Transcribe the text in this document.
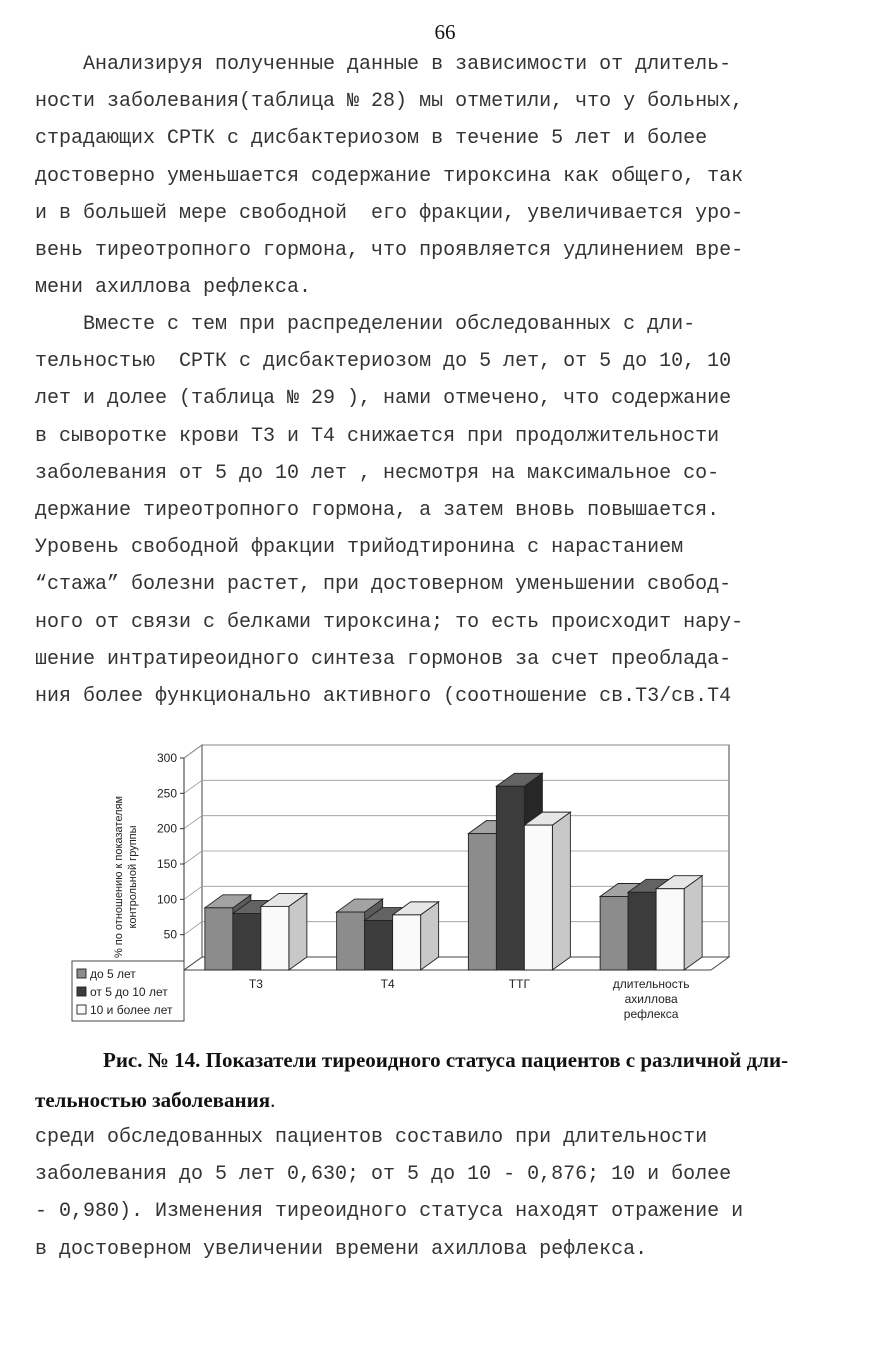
66
Анализируя полученные данные в зависимости от длитель-
ности заболевания(таблица № 28) мы отметили, что у больных,
страдающих СРТК с дисбактериозом в течение 5 лет и более
достоверно уменьшается содержание тироксина как общего, так
и в большей мере свободной  его фракции, увеличивается уро-
вень тиреотропного гормона, что проявляется удлинением вре-
мени ахиллова рефлекса.
Вместе с тем при распределении обследованных с дли-
тельностью  СРТК с дисбактериозом до 5 лет, от 5 до 10, 10
лет и долее (таблица № 29 ), нами отмечено, что содержание
в сыворотке крови Т3 и Т4 снижается при продолжительности
заболевания от 5 до 10 лет , несмотря на максимальное со-
держание тиреотропного гормона, а затем вновь повышается.
Уровень свободной фракции трийодтиронина с нарастанием
“стажа” болезни растет, при достоверном уменьшении свобод-
ного от связи с белками тироксина; то есть происходит нару-
шение интратиреоидного синтеза гормонов за счет преоблада-
ния более функционально активного (соотношение св.Т3/св.Т4
50
100
150
200
250
300
% по отношению к показателям контрольной группы
Т3	Т4	ТТГ	длительность
ахиллова
рефлекса
до 5 лет
от 5 до 10 лет
10 и более лет

Рис. № 14. Показатели тиреоидного статуса пациентов с различной дли-
тельностью заболевания.

среди обследованных пациентов составило при длительности
заболевания до 5 лет 0,630; от 5 до 10 - 0,876; 10 и более
- 0,980). Изменения тиреоидного статуса находят отражение и
в достоверном увеличении времени ахиллова рефлекса.
